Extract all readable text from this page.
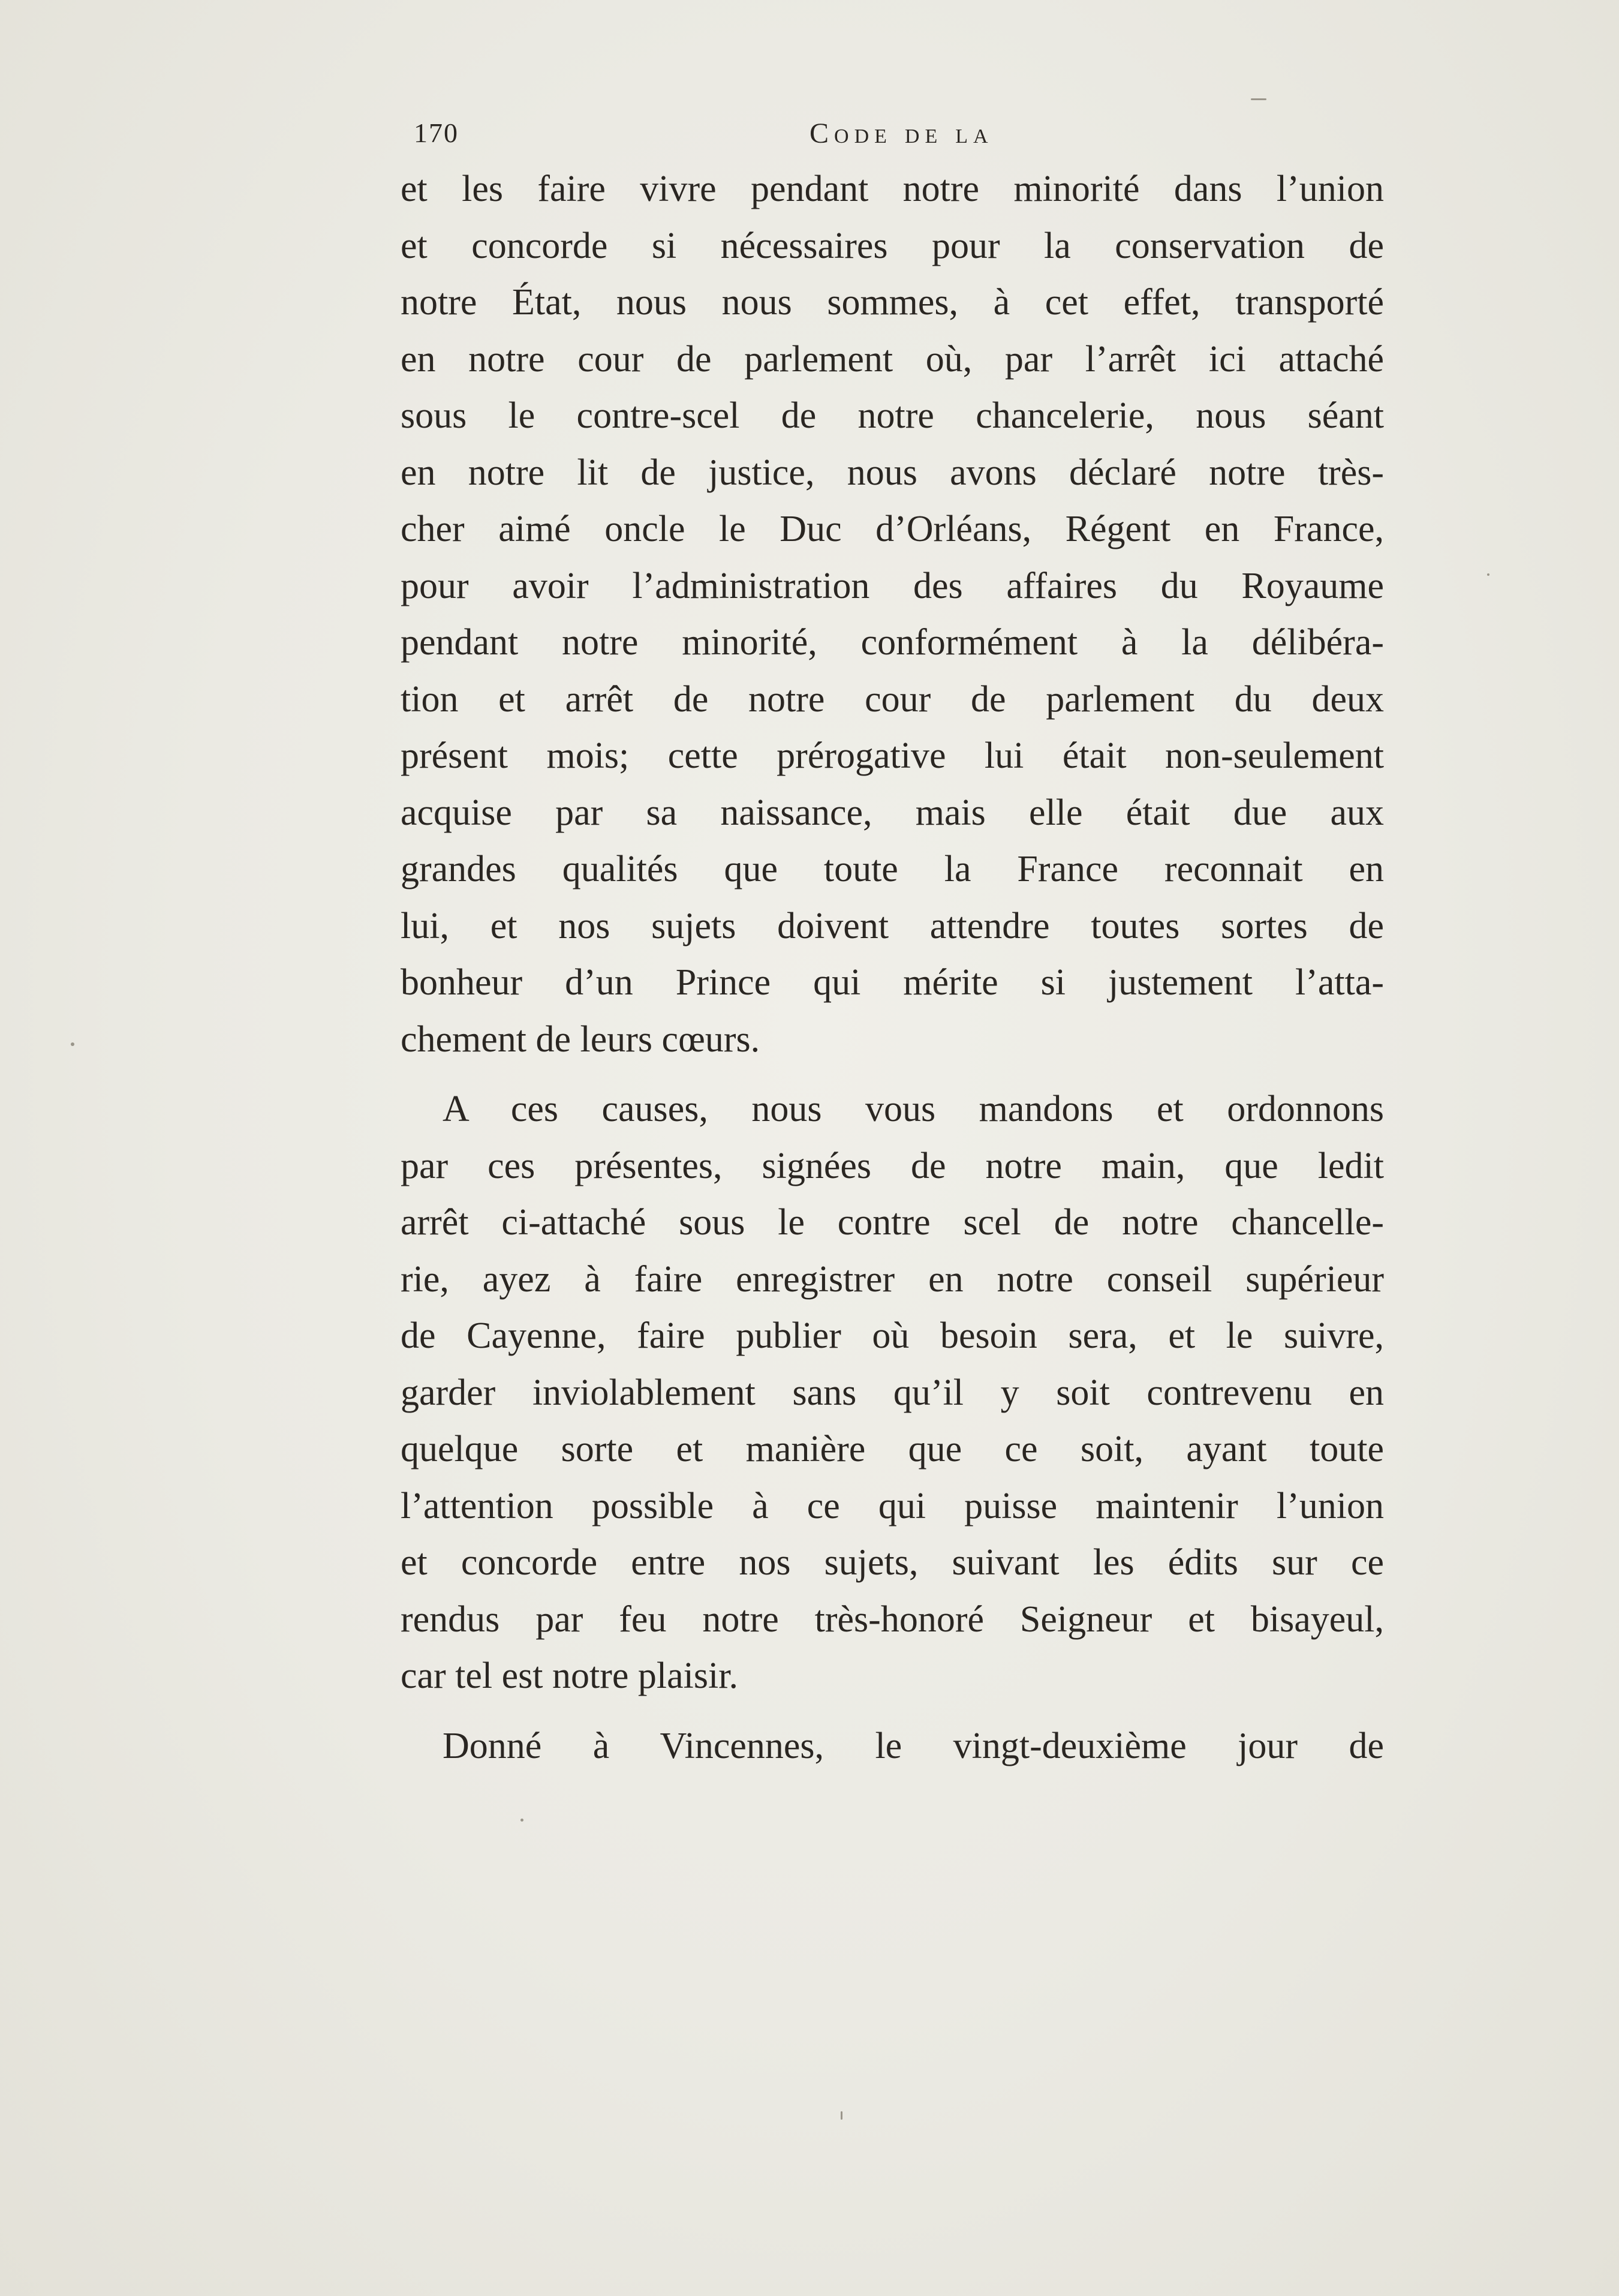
170	Code de la

et les faire vivre pendant notre minorité dans l’union

et concorde si nécessaires pour la conservation de

notre État, nous nous sommes, à cet effet, transporté

en notre cour de parlement où, par l’arrêt ici attaché

sous le contre-scel de notre chancelerie, nous séant

en notre lit de justice, nous avons déclaré notre très-

cher aimé oncle le Duc d’Orléans, Régent en France,

pour avoir l’administration des affaires du Royaume

pendant notre minorité, conformément à la délibéra-

tion et arrêt de notre cour de parlement du deux

présent mois; cette prérogative lui était non-seulement

acquise par sa naissance, mais elle était due aux

grandes qualités que toute la France reconnait en

lui, et nos sujets doivent attendre toutes sortes de

bonheur d’un Prince qui mérite si justement l’atta-

chement de leurs cœurs.

A ces causes, nous vous mandons et ordonnons

par ces présentes, signées de notre main, que ledit

arrêt ci-attaché sous le contre scel de notre chancelle-

rie, ayez à faire enregistrer en notre conseil supérieur

de Cayenne, faire publier où besoin sera, et le suivre,

garder inviolablement sans qu’il y soit contrevenu en

quelque sorte et manière que ce soit, ayant toute

l’attention possible à ce qui puisse maintenir l’union

et concorde entre nos sujets, suivant les édits sur ce

rendus par feu notre très-honoré Seigneur et bisayeul,

car tel est notre plaisir.

Donné à Vincennes, le vingt-deuxième jour de
